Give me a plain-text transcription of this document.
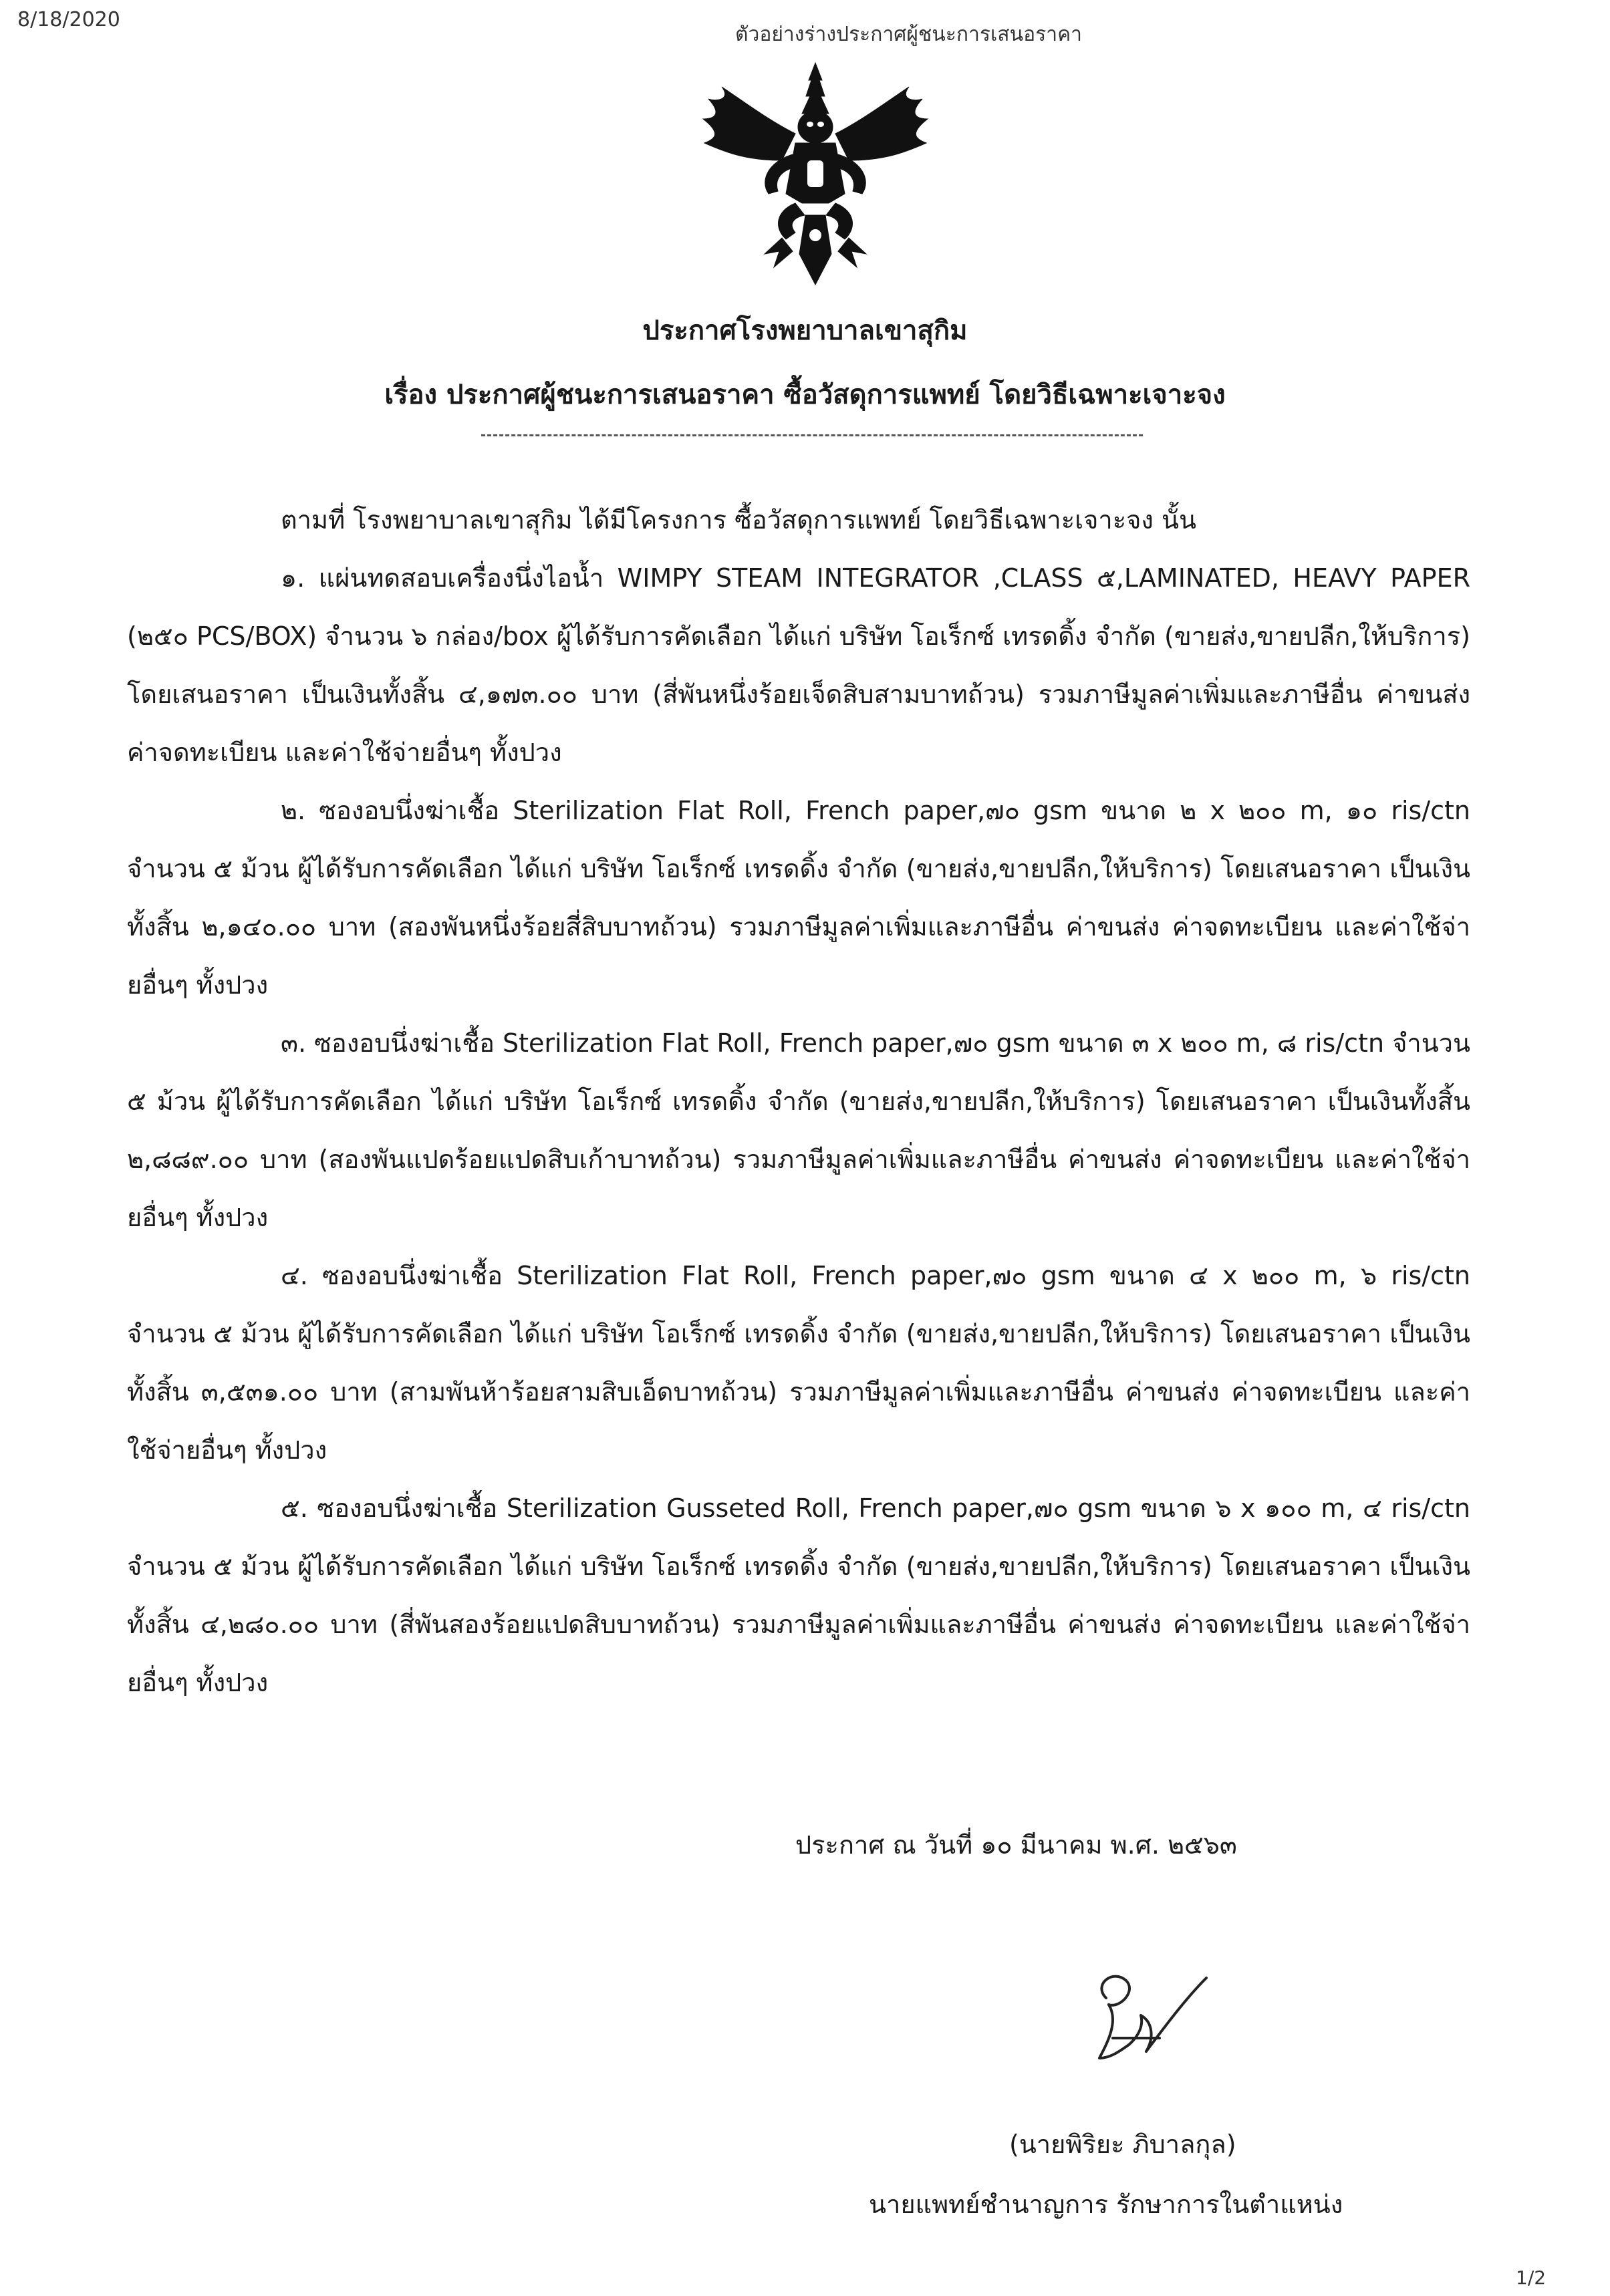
8/18/2020
ตัวอย่างร่างประกาศผู้ชนะการเสนอราคา
ประกาศโรงพยาบาลเขาสุกิม
เรื่อง ประกาศผู้ชนะการเสนอราคา ซื้อวัสดุการแพทย์ โดยวิธีเฉพาะเจาะจง

ตามที่ โรงพยาบาลเขาสุกิม ได้มีโครงการ ซื้อวัสดุการแพทย์ โดยวิธีเฉพาะเจาะจง นั้น

๑. แผ่นทดสอบเครื่องนึ่งไอน้ำ WIMPY STEAM INTEGRATOR ,CLASS ๕,LAMINATED, HEAVY PAPER (๒๕๐ PCS/BOX) จำนวน ๖ กล่อง/box ผู้ได้รับการคัดเลือก ได้แก่ บริษัท โอเร็กซ์ เทรดดิ้ง จำกัด (ขายส่ง,ขายปลีก,ให้บริการ) โดยเสนอราคา เป็นเงินทั้งสิ้น ๔,๑๗๓.๐๐ บาท (สี่พันหนึ่งร้อยเจ็ดสิบสามบาทถ้วน) รวมภาษีมูลค่าเพิ่มและภาษีอื่น ค่าขนส่ง ค่าจดทะเบียน และค่าใช้จ่ายอื่นๆ ทั้งปวง

๒. ซองอบนึ่งฆ่าเชื้อ Sterilization Flat Roll, French paper,๗๐ gsm ขนาด ๒ x ๒๐๐ m, ๑๐ ris/ctn จำนวน ๕ ม้วน ผู้ได้รับการคัดเลือก ได้แก่ บริษัท โอเร็กซ์ เทรดดิ้ง จำกัด (ขายส่ง,ขายปลีก,ให้บริการ) โดยเสนอราคา เป็นเงินทั้งสิ้น ๒,๑๔๐.๐๐ บาท (สองพันหนึ่งร้อยสี่สิบบาทถ้วน) รวมภาษีมูลค่าเพิ่มและภาษีอื่น ค่าขนส่ง ค่าจดทะเบียน และค่าใช้จ่ายอื่นๆ ทั้งปวง

๓. ซองอบนึ่งฆ่าเชื้อ Sterilization Flat Roll, French paper,๗๐ gsm ขนาด ๓ x ๒๐๐ m, ๘ ris/ctn จำนวน ๕ ม้วน ผู้ได้รับการคัดเลือก ได้แก่ บริษัท โอเร็กซ์ เทรดดิ้ง จำกัด (ขายส่ง,ขายปลีก,ให้บริการ) โดยเสนอราคา เป็นเงินทั้งสิ้น ๒,๘๘๙.๐๐ บาท (สองพันแปดร้อยแปดสิบเก้าบาทถ้วน) รวมภาษีมูลค่าเพิ่มและภาษีอื่น ค่าขนส่ง ค่าจดทะเบียน และค่าใช้จ่ายอื่นๆ ทั้งปวง

๔. ซองอบนึ่งฆ่าเชื้อ Sterilization Flat Roll, French paper,๗๐ gsm ขนาด ๔ x ๒๐๐ m, ๖ ris/ctn จำนวน ๕ ม้วน ผู้ได้รับการคัดเลือก ได้แก่ บริษัท โอเร็กซ์ เทรดดิ้ง จำกัด (ขายส่ง,ขายปลีก,ให้บริการ) โดยเสนอราคา เป็นเงินทั้งสิ้น ๓,๕๓๑.๐๐ บาท (สามพันห้าร้อยสามสิบเอ็ดบาทถ้วน) รวมภาษีมูลค่าเพิ่มและภาษีอื่น ค่าขนส่ง ค่าจดทะเบียน และค่าใช้จ่ายอื่นๆ ทั้งปวง

๕. ซองอบนึ่งฆ่าเชื้อ Sterilization Gusseted Roll, French paper,๗๐ gsm ขนาด ๖ x ๑๐๐ m, ๔ ris/ctn จำนวน ๕ ม้วน ผู้ได้รับการคัดเลือก ได้แก่ บริษัท โอเร็กซ์ เทรดดิ้ง จำกัด (ขายส่ง,ขายปลีก,ให้บริการ) โดยเสนอราคา เป็นเงินทั้งสิ้น ๔,๒๘๐.๐๐ บาท (สี่พันสองร้อยแปดสิบบาทถ้วน) รวมภาษีมูลค่าเพิ่มและภาษีอื่น ค่าขนส่ง ค่าจดทะเบียน และค่าใช้จ่ายอื่นๆ ทั้งปวง

ประกาศ ณ วันที่ ๑๐ มีนาคม พ.ศ. ๒๕๖๓
(นายพิริยะ ภิบาลกุล)
นายแพทย์ชำนาญการ รักษาการในตำแหน่ง
1/2
